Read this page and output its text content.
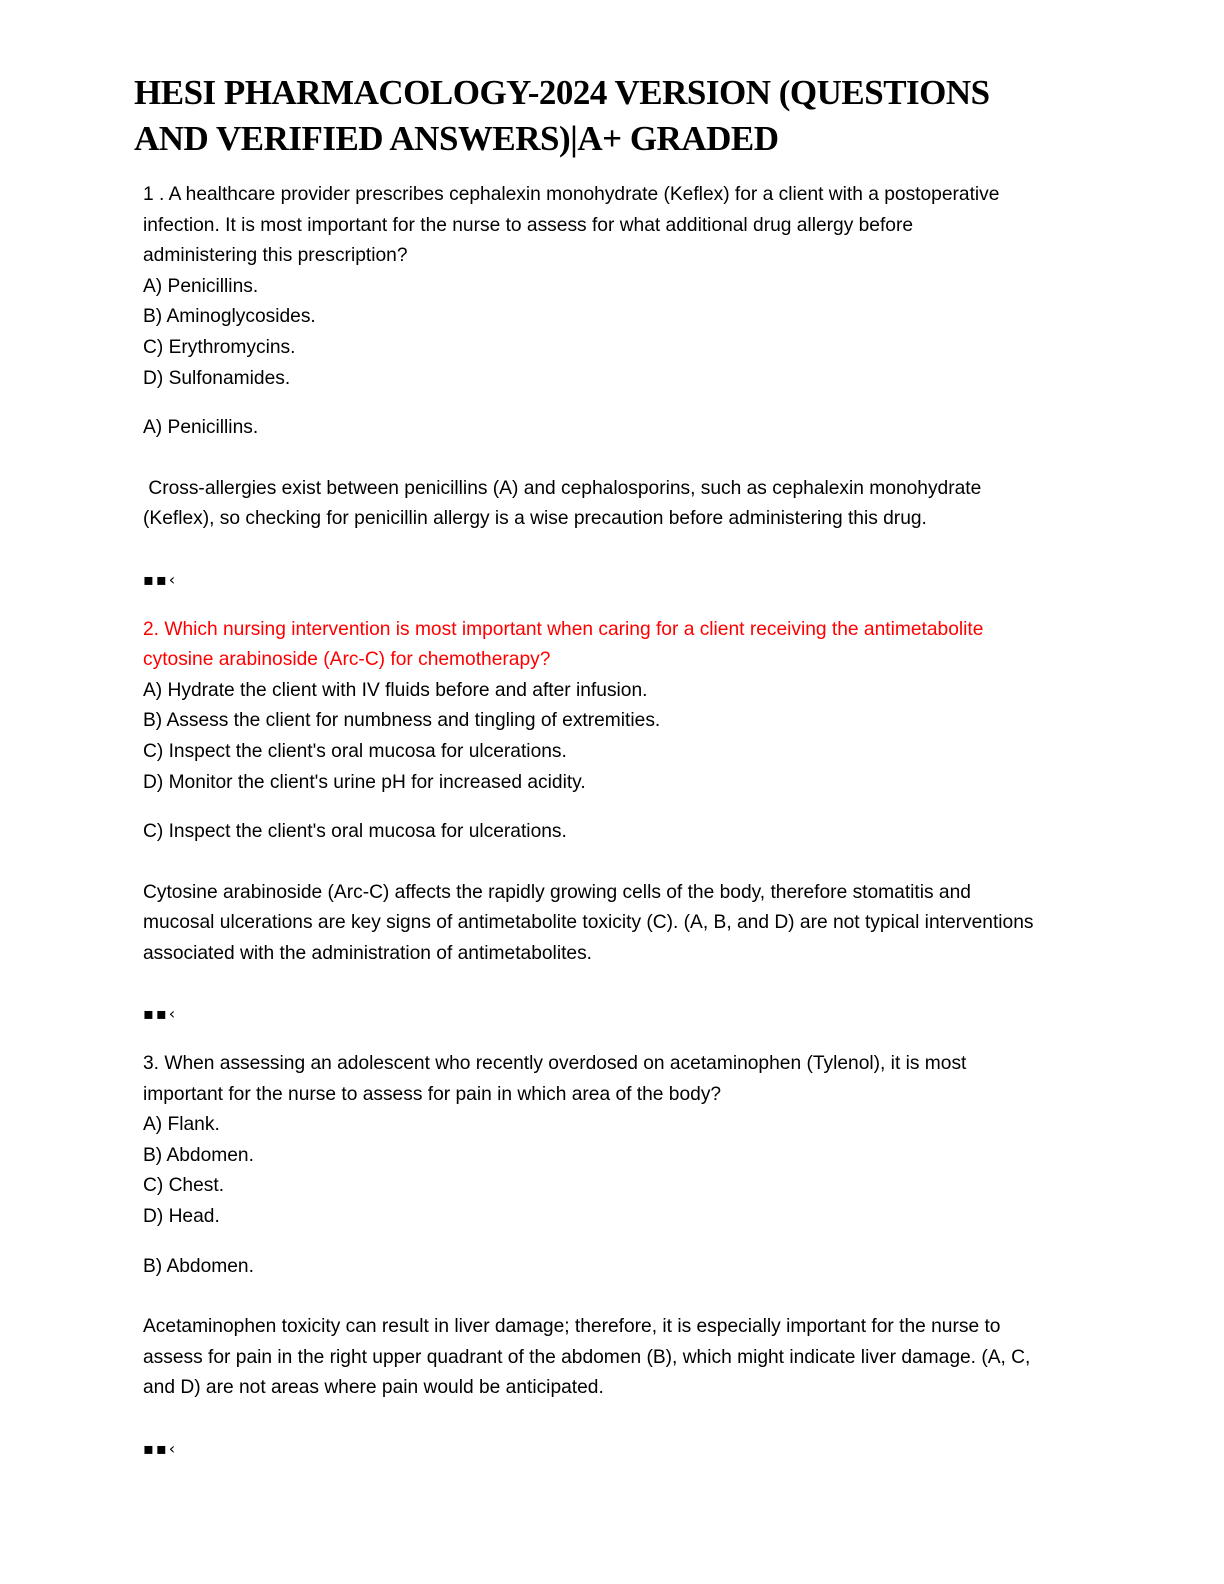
HESI PHARMACOLOGY-2024 VERSION (QUESTIONS
AND VERIFIED ANSWERS)|A+ GRADED
1 . A healthcare provider prescribes cephalexin monohydrate (Keflex) for a client with a postoperative
infection. It is most important for the nurse to assess for what additional drug allergy before
administering this prescription?
A) Penicillins.
B) Aminoglycosides.
C) Erythromycins.
D) Sulfonamides.
A) Penicillins.
Cross-allergies exist between penicillins (A) and cephalosporins, such as cephalexin monohydrate
(Keflex), so checking for penicillin allergy is a wise precaution before administering this drug.
▪▪‹
2. Which nursing intervention is most important when caring for a client receiving the antimetabolite
cytosine arabinoside (Arc-C) for chemotherapy?
A) Hydrate the client with IV fluids before and after infusion.
B) Assess the client for numbness and tingling of extremities.
C) Inspect the client's oral mucosa for ulcerations.
D) Monitor the client's urine pH for increased acidity.
C) Inspect the client's oral mucosa for ulcerations.
Cytosine arabinoside (Arc-C) affects the rapidly growing cells of the body, therefore stomatitis and
mucosal ulcerations are key signs of antimetabolite toxicity (C). (A, B, and D) are not typical interventions
associated with the administration of antimetabolites.
▪▪‹
3. When assessing an adolescent who recently overdosed on acetaminophen (Tylenol), it is most
important for the nurse to assess for pain in which area of the body?
A) Flank.
B) Abdomen.
C) Chest.
D) Head.
B) Abdomen.
Acetaminophen toxicity can result in liver damage; therefore, it is especially important for the nurse to
assess for pain in the right upper quadrant of the abdomen (B), which might indicate liver damage. (A, C,
and D) are not areas where pain would be anticipated.
▪▪‹
